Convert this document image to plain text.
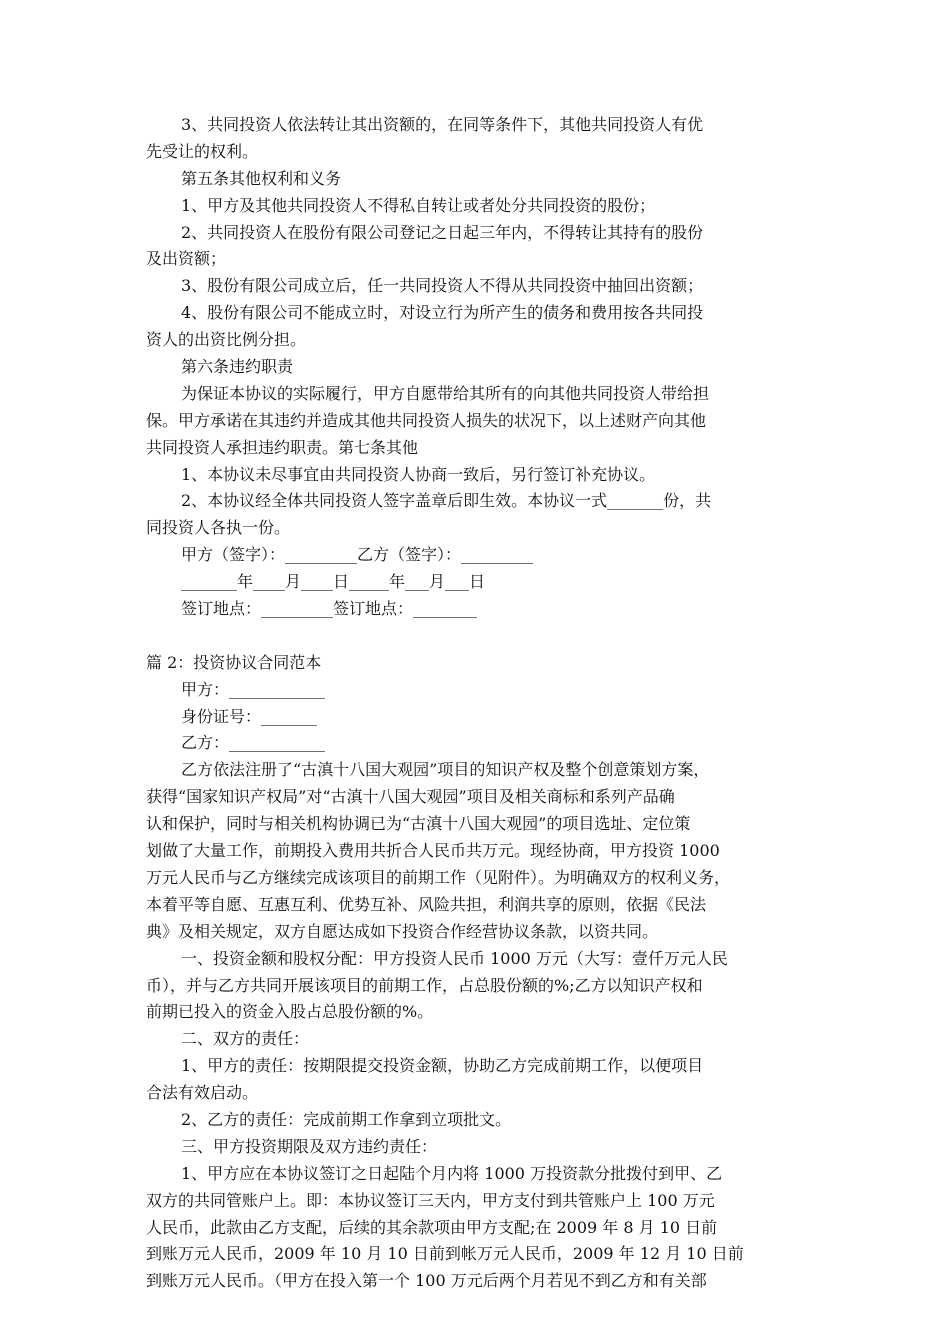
3、共同投资人依法转让其出资额的，在同等条件下，其他共同投资人有优
先受让的权利。
第五条其他权利和义务
1、甲方及其他共同投资人不得私自转让或者处分共同投资的股份；
2、共同投资人在股份有限公司登记之日起三年内，不得转让其持有的股份
及出资额；
3、股份有限公司成立后，任一共同投资人不得从共同投资中抽回出资额；
4、股份有限公司不能成立时，对设立行为所产生的债务和费用按各共同投
资人的出资比例分担。
第六条违约职责
为保证本协议的实际履行，甲方自愿带给其所有的向其他共同投资人带给担
保。甲方承诺在其违约并造成其他共同投资人损失的状况下，以上述财产向其他
共同投资人承担违约职责。第七条其他
1、本协议未尽事宜由共同投资人协商一致后，另行签订补充协议。
2、本协议经全体共同投资人签字盖章后即生效。本协议一式_______份，共
同投资人各执一份。
甲方（签字）：_________乙方（签字）：_________
_______年____月____日_____年___月___日
签订地点：_________签订地点：________
篇 2：投资协议合同范本
甲方：____________
身份证号：_______
乙方：____________
乙方依法注册了“古滇十八国大观园”项目的知识产权及整个创意策划方案，
获得“国家知识产权局”对“古滇十八国大观园”项目及相关商标和系列产品确
认和保护，同时与相关机构协调已为“古滇十八国大观园”的项目选址、定位策
划做了大量工作，前期投入费用共折合人民币共万元。现经协商，甲方投资 1000
万元人民币与乙方继续完成该项目的前期工作（见附件）。为明确双方的权利义务，
本着平等自愿、互惠互利、优势互补、风险共担，利润共享的原则，依据《民法
典》及相关规定，双方自愿达成如下投资合作经营协议条款，以资共同。
一、投资金额和股权分配：甲方投资人民币 1000 万元（大写：壹仟万元人民
币），并与乙方共同开展该项目的前期工作，占总股份额的%;乙方以知识产权和
前期已投入的资金入股占总股份额的%。
二、双方的责任：
1、甲方的责任：按期限提交投资金额，协助乙方完成前期工作，以便项目
合法有效启动。
2、乙方的责任：完成前期工作拿到立项批文。
三、甲方投资期限及双方违约责任：
1、甲方应在本协议签订之日起陆个月内将 1000 万投资款分批拨付到甲、乙
双方的共同管账户上。即：本协议签订三天内，甲方支付到共管账户上 100 万元
人民币，此款由乙方支配，后续的其余款项由甲方支配;在 2009 年 8 月 10 日前
到账万元人民币，2009 年 10 月 10 日前到帐万元人民币，2009 年 12 月 10 日前
到账万元人民币。（甲方在投入第一个 100 万元后两个月若见不到乙方和有关部
